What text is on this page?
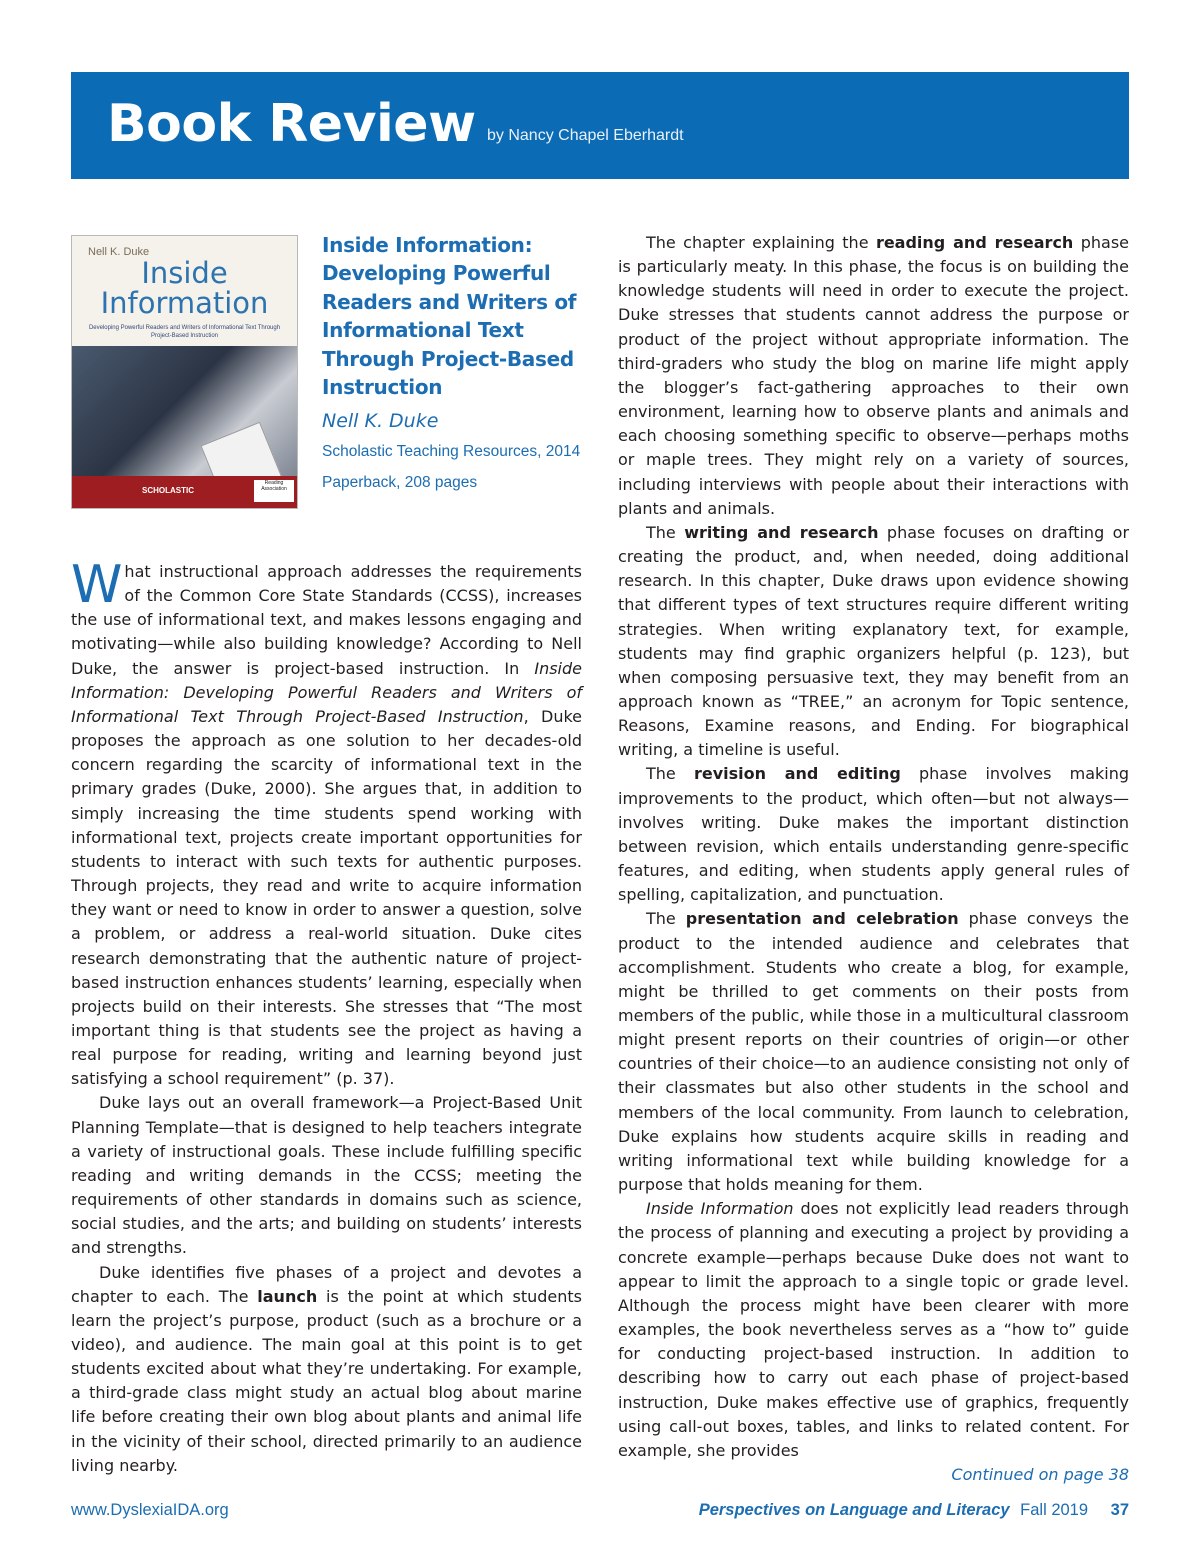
Book Review by Nancy Chapel Eberhardt
Nell K. Duke
Inside
Information
Developing Powerful Readers and Writers of Informational Text Through Project-Based Instruction
SCHOLASTIC
Reading Association

Inside Information: Developing Powerful Readers and Writers of Informational Text Through Project-Based Instruction

Nell K. Duke
Scholastic Teaching Resources, 2014
Paperback, 208 pages

What instructional approach addresses the requirements of the Common Core State Standards (CCSS), increases the use of informational text, and makes lessons engaging and motivating—while also building knowledge? According to Nell Duke, the answer is project-based instruction. In Inside Information: Developing Powerful Readers and Writers of Informational Text Through Project-Based Instruction, Duke proposes the approach as one solution to her decades-old concern regarding the scarcity of informational text in the primary grades (Duke, 2000). She argues that, in addition to simply increasing the time students spend working with informational text, projects create important opportunities for students to interact with such texts for authentic purposes. Through projects, they read and write to acquire information they want or need to know in order to answer a question, solve a problem, or address a real-world situation. Duke cites research demonstrating that the authentic nature of project-based instruction enhances students’ learning, especially when projects build on their interests. She stresses that “The most important thing is that students see the project as having a real purpose for reading, writing and learning beyond just satisfying a school requirement” (p. 37).

Duke lays out an overall framework—a Project-Based Unit Planning Template—that is designed to help teachers integrate a variety of instructional goals. These include fulfilling specific reading and writing demands in the CCSS; meeting the requirements of other standards in domains such as science, social studies, and the arts; and building on students’ interests and strengths.

Duke identifies five phases of a project and devotes a chapter to each. The launch is the point at which students learn the project’s purpose, product (such as a brochure or a video), and audience. The main goal at this point is to get students excited about what they’re undertaking. For example, a third-grade class might study an actual blog about marine life before creating their own blog about plants and animal life in the vicinity of their school, directed primarily to an audience living nearby.

The chapter explaining the reading and research phase is particularly meaty. In this phase, the focus is on building the knowledge students will need in order to execute the project. Duke stresses that students cannot address the purpose or product of the project without appropriate information. The third-graders who study the blog on marine life might apply the blogger’s fact-gathering approaches to their own environment, learning how to observe plants and animals and each choosing something specific to observe—perhaps moths or maple trees. They might rely on a variety of sources, including interviews with people about their interactions with plants and animals.

The writing and research phase focuses on drafting or creating the product, and, when needed, doing additional research. In this chapter, Duke draws upon evidence showing that different types of text structures require different writing strategies. When writing explanatory text, for example, students may find graphic organizers helpful (p. 123), but when composing persuasive text, they may benefit from an approach known as “TREE,” an acronym for Topic sentence, Reasons, Examine reasons, and Ending. For biographical writing, a timeline is useful.

The revision and editing phase involves making improvements to the product, which often—but not always—involves writing. Duke makes the important distinction between revision, which entails understanding genre-specific features, and editing, when students apply general rules of spelling, capitalization, and punctuation.

The presentation and celebration phase conveys the product to the intended audience and celebrates that accomplishment. Students who create a blog, for example, might be thrilled to get comments on their posts from members of the public, while those in a multicultural classroom might present reports on their countries of origin—or other countries of their choice—to an audience consisting not only of their classmates but also other students in the school and members of the local community. From launch to celebration, Duke explains how students acquire skills in reading and writing informational text while building knowledge for a purpose that holds meaning for them.

Inside Information does not explicitly lead readers through the process of planning and executing a project by providing a concrete example—perhaps because Duke does not want to appear to limit the approach to a single topic or grade level. Although the process might have been clearer with more examples, the book nevertheless serves as a “how to” guide for conducting project-based instruction. In addition to describing how to carry out each phase of project-based instruction, Duke makes effective use of graphics, frequently using call-out boxes, tables, and links to related content. For example, she provides

Continued on page 38
www.DyslexiaIDA.org	Perspectives on Language and Literacy Fall 2019 37
